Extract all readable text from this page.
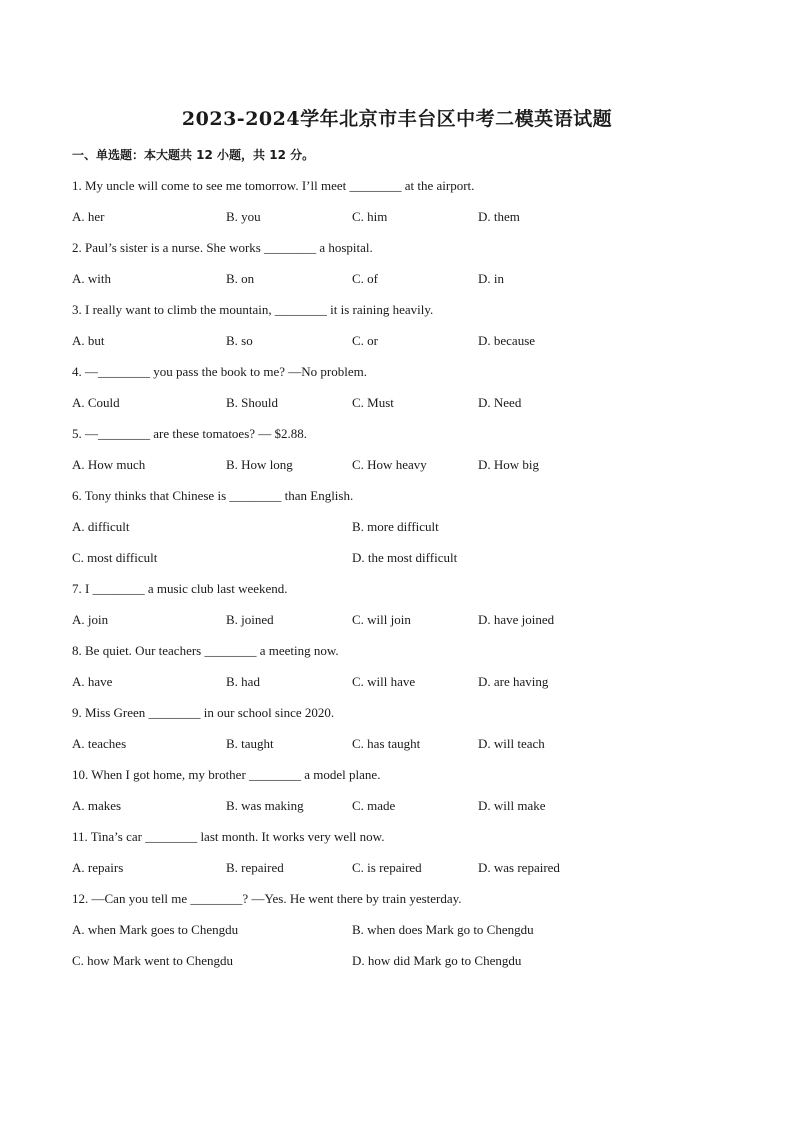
2023-2024学年北京市丰台区中考二模英语试题
一、单选题：本大题共 12 小题，共 12 分。
1. My uncle will come to see me tomorrow. I’ll meet ________ at the airport.
A. her	B. you	C. him	D. them
2. Paul’s sister is a nurse. She works ________ a hospital.
A. with	B. on	C. of	D. in
3. I really want to climb the mountain, ________ it is raining heavily.
A. but	B. so	C. or	D. because
4. —________ you pass the book to me? —No problem.
A. Could	B. Should	C. Must	D. Need
5. —________ are these tomatoes? — $2.88.
A. How much	B. How long	C. How heavy	D. How big
6. Tony thinks that Chinese is ________ than English.
A. difficult	B. more difficult
C. most difficult	D. the most difficult
7. I ________ a music club last weekend.
A. join	B. joined	C. will join	D. have joined
8. Be quiet. Our teachers ________ a meeting now.
A. have	B. had	C. will have	D. are having
9. Miss Green ________ in our school since 2020.
A. teaches	B. taught	C. has taught	D. will teach
10. When I got home, my brother ________ a model plane.
A. makes	B. was making	C. made	D. will make
11. Tina’s car ________ last month. It works very well now.
A. repairs	B. repaired	C. is repaired	D. was repaired
12. —Can you tell me ________? —Yes. He went there by train yesterday.
A. when Mark goes to Chengdu	B. when does Mark go to Chengdu
C. how Mark went to Chengdu	D. how did Mark go to Chengdu
